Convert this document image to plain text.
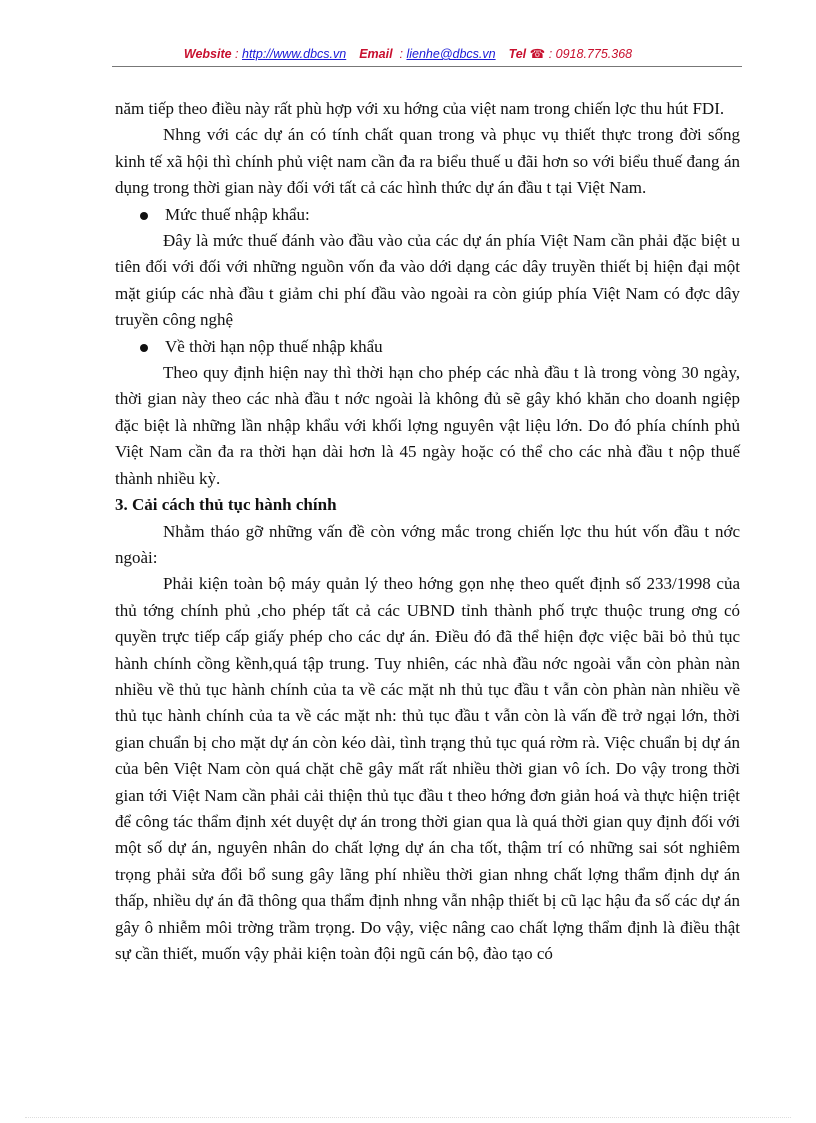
Website : http://www.dbcs.vn Email  : lienhe@dbcs.vn Tel ☎ : 0918.775.368

năm tiếp theo điều này rất phù hợp với xu hớng của việt nam trong chiến lợc thu hút FDI.

Nhng với các dự án có tính chất quan trong và phục vụ thiết thực trong đời sống kinh tế xã hội thì chính phủ việt nam cần đa ra biểu thuế u đãi hơn so với biểu thuế đang án dụng trong thời gian này đối với tất cả các hình thức dự án đầu t tại Việt Nam.

Mức thuế nhập khẩu:

Đây là mức thuế đánh vào đầu vào của các dự án phía Việt Nam cần phải đặc biệt u tiên đối với đối với những nguồn vốn đa vào dới dạng các dây truyền thiết bị hiện đại một mặt giúp các nhà đầu t giảm chi phí đầu vào ngoài ra còn giúp phía Việt Nam có đợc dây truyền công nghệ

Về thời hạn nộp thuế nhập khẩu

Theo quy định hiện nay thì thời hạn cho phép các nhà đầu t là trong vòng 30 ngày, thời gian này theo các nhà đầu t nớc ngoài là không đủ sẽ gây khó khăn cho doanh ngiệp đặc biệt là những lần nhập khẩu với khối lợng nguyên vật liệu lớn. Do đó phía chính phủ Việt Nam cần đa ra thời hạn dài hơn là 45 ngày hoặc có thể cho các nhà đầu t nộp thuế thành nhiều kỳ.

3. Cải cách thủ tục hành chính

Nhằm tháo gỡ những vấn đề còn vớng mắc trong chiến lợc thu hút vốn đầu t nớc ngoài:

Phải kiện toàn bộ máy quản lý theo hớng gọn nhẹ theo quết định số 233/1998 của thủ tớng chính phủ ,cho phép tất cả các UBND tỉnh thành phố trực thuộc trung ơng có quyền trực tiếp cấp giấy phép cho các dự án. Điều đó đã thể hiện đợc việc bãi bỏ thủ tục hành chính cồng kềnh,quá tập trung. Tuy nhiên, các nhà đầu nớc ngoài vẫn còn phàn nàn nhiều về thủ tục hành chính của ta về các mặt nh thủ tục đầu t vẫn còn phàn nàn nhiều về thủ tục hành chính của ta về các mặt nh: thủ tục đầu t vẫn còn là vấn đề trở ngại lớn, thời gian chuẩn bị cho mặt dự án còn kéo dài, tình trạng thủ tục quá rờm rà. Việc chuẩn bị dự án của bên Việt Nam còn quá chặt chẽ gây mất rất nhiều thời gian vô ích. Do vậy trong thời gian tới Việt Nam cần phải cải thiện thủ tục đầu t theo hớng đơn giản hoá và thực hiện triệt để công tác thẩm định xét duyệt dự án trong thời gian qua là quá thời gian quy định đối với một số dự án, nguyên nhân do chất lợng dự án cha tốt, thậm trí có những sai sót nghiêm trọng phải sửa đổi bổ sung gây lãng phí nhiều thời gian nhng chất lợng thẩm định dự án thấp, nhiều dự án đã thông qua thẩm định nhng vẫn nhập thiết bị cũ lạc hậu đa số các dự án gây ô nhiễm môi trờng trầm trọng. Do vậy, việc nâng cao chất lợng thẩm định là điều thật sự cần thiết, muốn vậy phải kiện toàn đội ngũ cán bộ, đào tạo có
